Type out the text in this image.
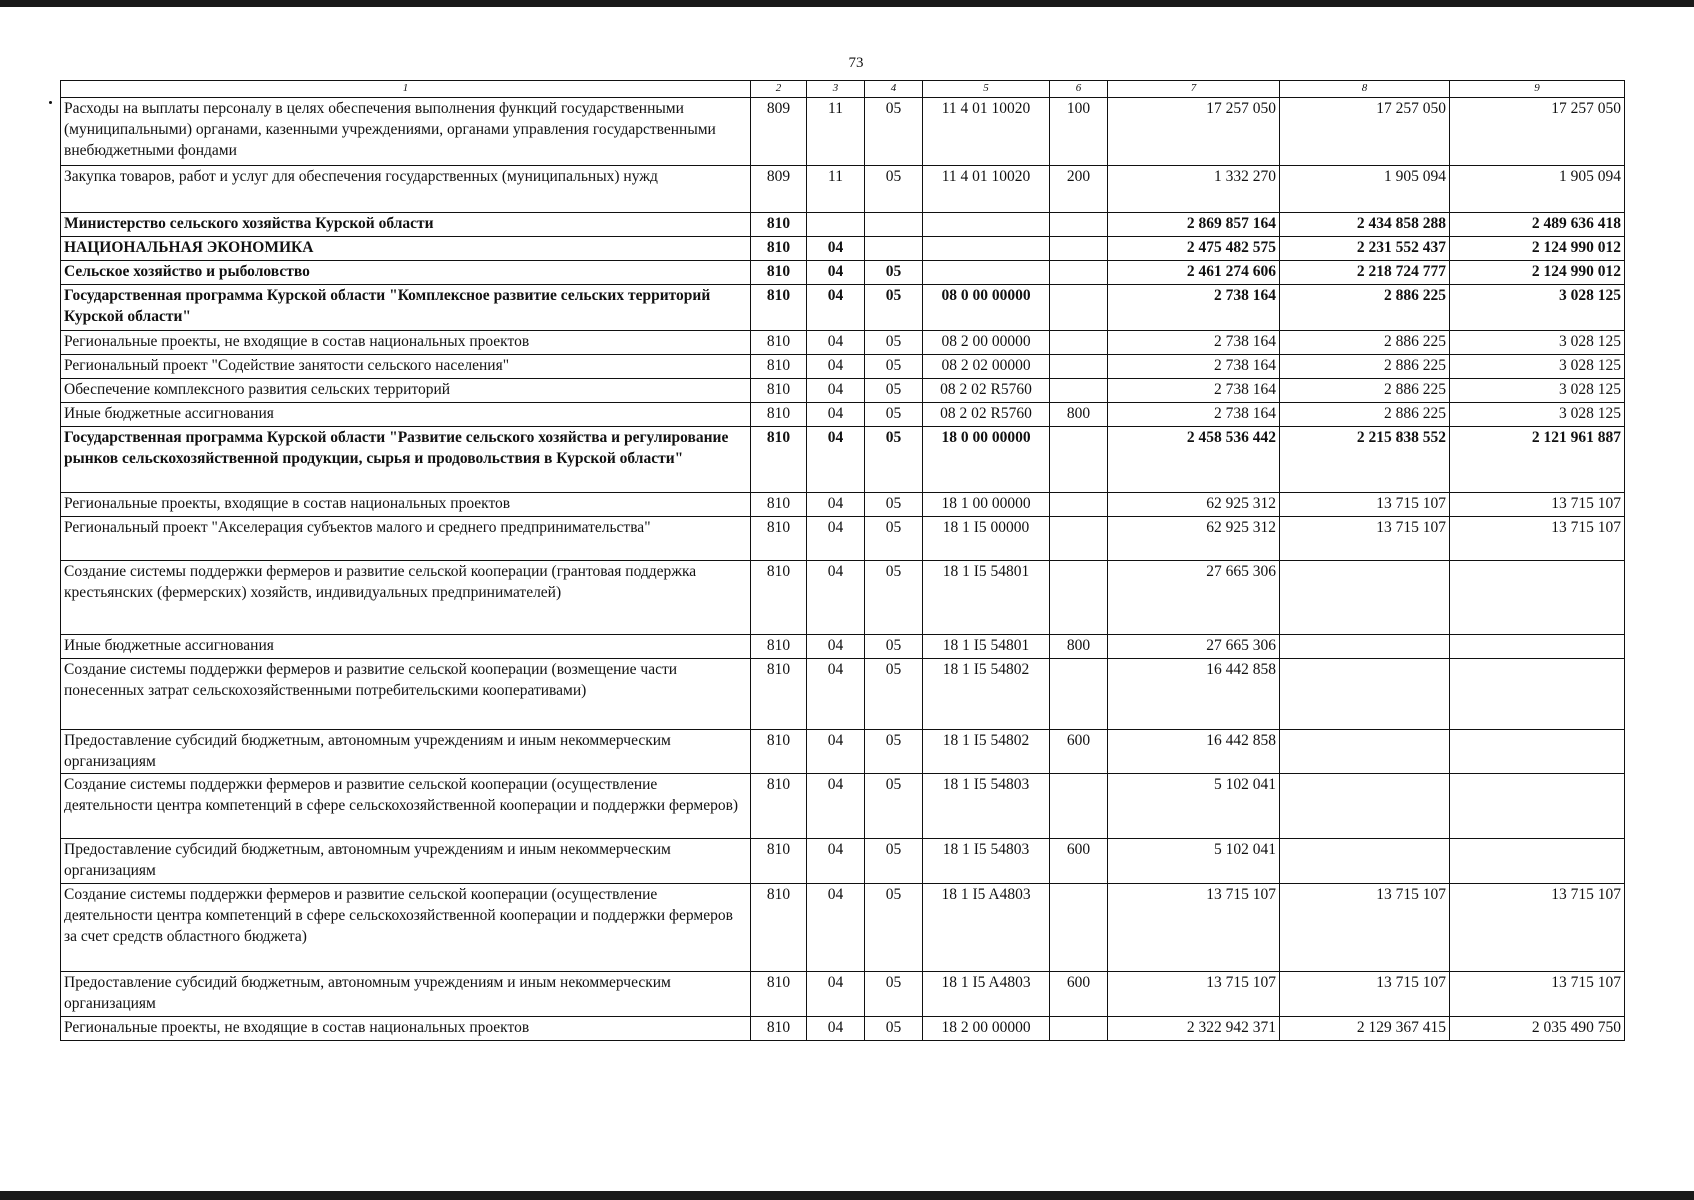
73
1	2	3	4	5	6	7	8	9
Расходы на выплаты персоналу в целях обеспечения выполнения функций государственными (муниципальными) органами, казенными учреждениями, органами управления государственными внебюджетными фондами	809	11	05	11 4 01 10020	100	17 257 050	17 257 050	17 257 050
Закупка товаров, работ и услуг для обеспечения государственных (муниципальных) нужд	809	11	05	11 4 01 10020	200	1 332 270	1 905 094	1 905 094
Министерство сельского хозяйства Курской области	810					2 869 857 164	2 434 858 288	2 489 636 418
НАЦИОНАЛЬНАЯ ЭКОНОМИКА	810	04				2 475 482 575	2 231 552 437	2 124 990 012
Сельское хозяйство и рыболовство	810	04	05			2 461 274 606	2 218 724 777	2 124 990 012
Государственная программа Курской области "Комплексное развитие сельских территорий Курской области"	810	04	05	08 0 00 00000		2 738 164	2 886 225	3 028 125
Региональные проекты, не входящие в состав национальных проектов	810	04	05	08 2 00 00000		2 738 164	2 886 225	3 028 125
Региональный проект "Содействие занятости сельского населения"	810	04	05	08 2 02 00000		2 738 164	2 886 225	3 028 125
Обеспечение комплексного развития сельских территорий	810	04	05	08 2 02 R5760		2 738 164	2 886 225	3 028 125
Иные бюджетные ассигнования	810	04	05	08 2 02 R5760	800	2 738 164	2 886 225	3 028 125
Государственная программа Курской области "Развитие сельского хозяйства и регулирование рынков сельскохозяйственной продукции, сырья и продовольствия в Курской области"	810	04	05	18 0 00 00000		2 458 536 442	2 215 838 552	2 121 961 887
Региональные проекты, входящие в состав национальных проектов	810	04	05	18 1 00 00000		62 925 312	13 715 107	13 715 107
Региональный проект "Акселерация субъектов малого и среднего предпринимательства"	810	04	05	18 1 I5 00000		62 925 312	13 715 107	13 715 107
Создание системы поддержки фермеров и развитие сельской кооперации (грантовая поддержка крестьянских (фермерских) хозяйств, индивидуальных предпринимателей)	810	04	05	18 1 I5 54801		27 665 306		
Иные бюджетные ассигнования	810	04	05	18 1 I5 54801	800	27 665 306		
Создание системы поддержки фермеров и развитие сельской кооперации (возмещение части понесенных затрат сельскохозяйственными потребительскими кооперативами)	810	04	05	18 1 I5 54802		16 442 858		
Предоставление субсидий бюджетным, автономным учреждениям и иным некоммерческим организациям	810	04	05	18 1 I5 54802	600	16 442 858		
Создание системы поддержки фермеров и развитие сельской кооперации (осуществление деятельности центра компетенций в сфере сельскохозяйственной кооперации и поддержки фермеров)	810	04	05	18 1 I5 54803		5 102 041		
Предоставление субсидий бюджетным, автономным учреждениям и иным некоммерческим организациям	810	04	05	18 1 I5 54803	600	5 102 041		
Создание системы поддержки фермеров и развитие сельской кооперации (осуществление деятельности центра компетенций в сфере сельскохозяйственной кооперации и поддержки фермеров за счет средств областного бюджета)	810	04	05	18 1 I5 A4803		13 715 107	13 715 107	13 715 107
Предоставление субсидий бюджетным, автономным учреждениям и иным некоммерческим организациям	810	04	05	18 1 I5 A4803	600	13 715 107	13 715 107	13 715 107
Региональные проекты, не входящие в состав национальных проектов	810	04	05	18 2 00 00000		2 322 942 371	2 129 367 415	2 035 490 750
